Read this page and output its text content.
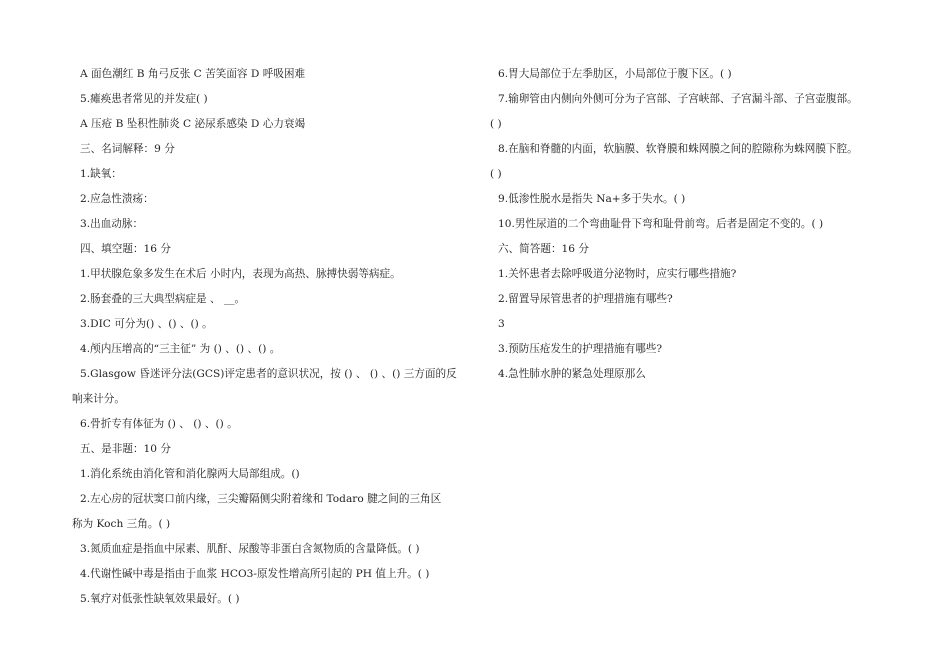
A 面色潮红 B 角弓反张 C 苦笑面容 D 呼吸困难
5.瘫痪患者常见的并发症( )
A 压疮 B 坠积性肺炎 C 泌尿系感染 D 心力衰竭
三、名词解释：9 分
1.缺氧：
2.应急性溃疡：
3.出血动脉：
四、填空题：16 分
1.甲状腺危象多发生在术后 小时内，表现为高热、脉搏快弱等病症。
2.肠套叠的三大典型病症是 、 __。
3.DIC 可分为() 、() 、() 。
4.颅内压增高的“三主征” 为 () 、() 、() 。
5.Glasgow 昏迷评分法(GCS)评定患者的意识状况，按 () 、 () 、() 三方面的反
响来计分。
6.骨折专有体征为 () 、 () 、() 。
五、是非题：10 分
1.消化系统由消化管和消化腺两大局部组成。()
2.左心房的冠状窦口前内缘，三尖瓣隔侧尖附着缘和 Todaro 腱之间的三角区
称为 Koch 三角。( )
3.氮质血症是指血中尿素、肌酐、尿酸等非蛋白含氮物质的含量降低。( )
4.代谢性碱中毒是指由于血浆 HCO3-原发性增高所引起的 PH 值上升。( )
5.氧疗对低张性缺氧效果最好。( )
6.胃大局部位于左季肋区，小局部位于腹下区。( )
7.输卵管由内侧向外侧可分为子宫部、子宫峡部、子宫漏斗部、子宫壶腹部。
( )
8.在脑和脊髓的内面，软脑膜、软脊膜和蛛网膜之间的腔隙称为蛛网膜下腔。
( )
9.低渗性脱水是指失 Na+多于失水。( )
10.男性尿道的二个弯曲耻骨下弯和耻骨前弯。后者是固定不变的。( )
六、简答题：16 分
1.关怀患者去除呼吸道分泌物时，应实行哪些措施?
2.留置导尿管患者的护理措施有哪些?
3
3.预防压疮发生的护理措施有哪些?
4.急性肺水肿的紧急处理原那么
